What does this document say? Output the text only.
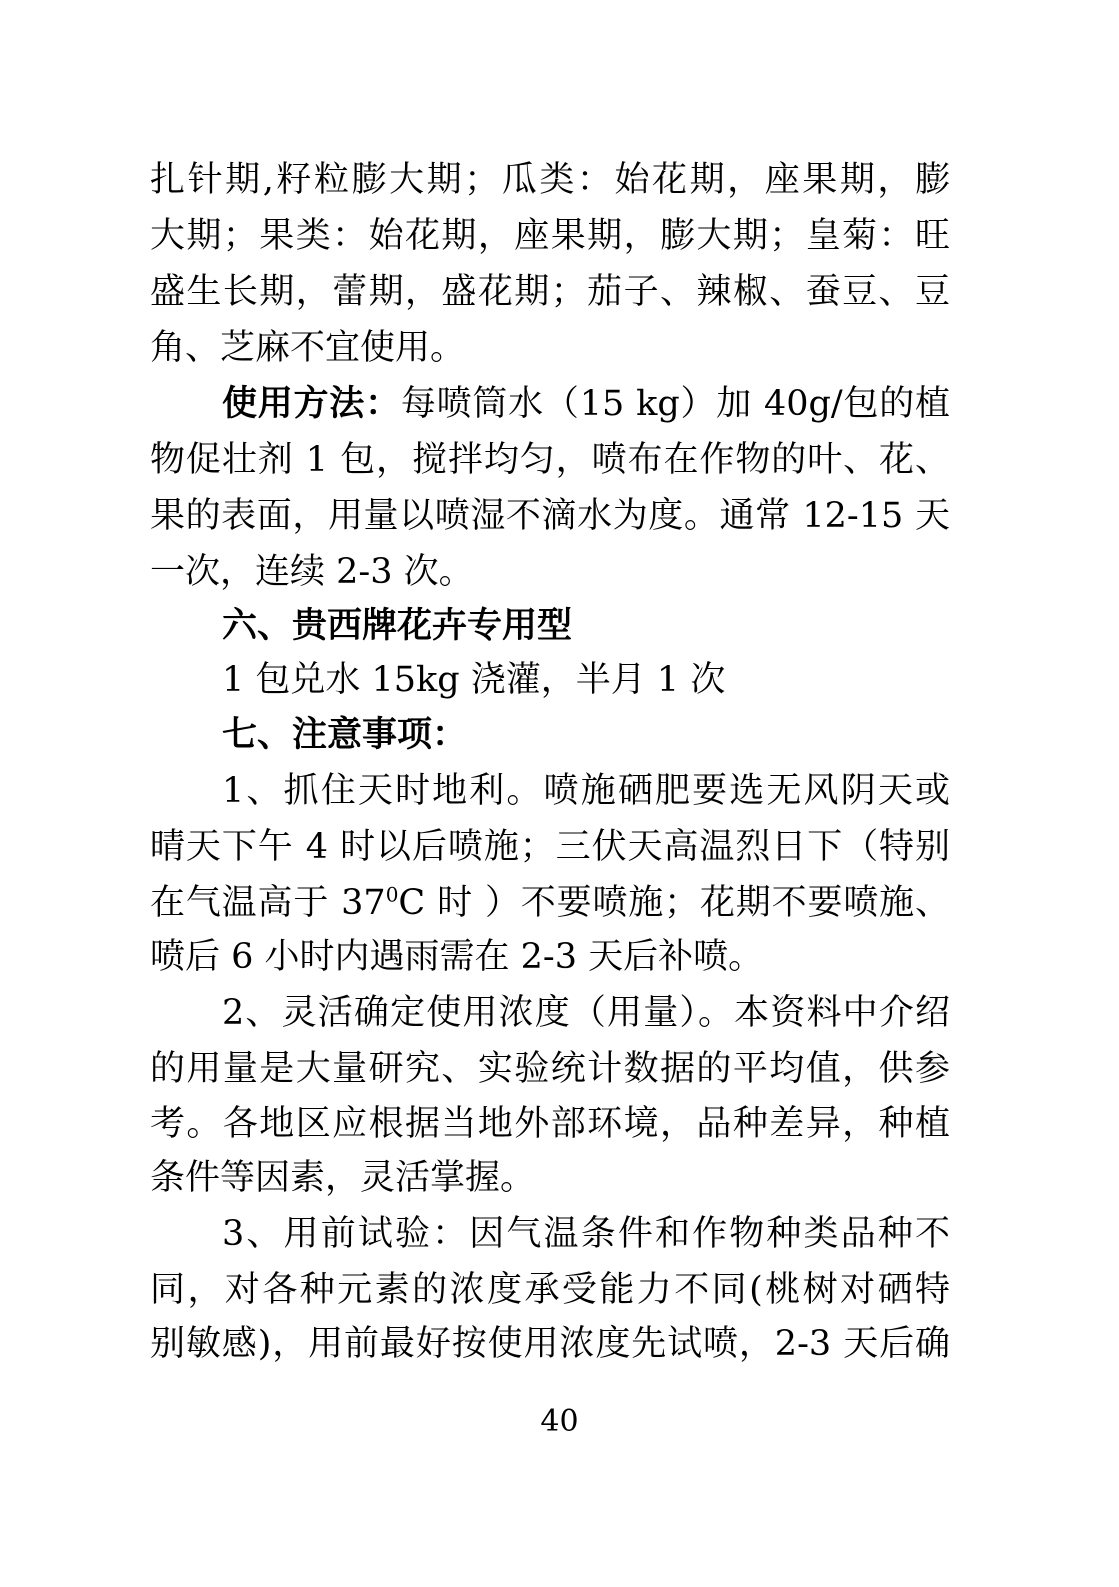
扎针期,籽粒膨大期；瓜类：始花期，座果期，膨
大期；果类：始花期，座果期，膨大期；皇菊：旺
盛生长期，蕾期，盛花期；茄子、辣椒、蚕豆、豆
角、芝麻不宜使用。
使用方法：每喷筒水（15 kg）加 40g/包的植
物促壮剂 1 包，搅拌均匀，喷布在作物的叶、花、
果的表面，用量以喷湿不滴水为度。通常 12-15 天
一次，连续 2-3 次。
六、贵西牌花卉专用型
1 包兑水 15kg 浇灌，半月 1 次
七、注意事项：
1、抓住天时地利。喷施硒肥要选无风阴天或
晴天下午 4 时以后喷施；三伏天高温烈日下（特别
在气温高于 $37^0C$ 时 ）不要喷施；花期不要喷施、
喷后 6 小时内遇雨需在 2-3 天后补喷。
2、灵活确定使用浓度（用量）。本资料中介绍
的用量是大量研究、实验统计数据的平均值，供参
考。各地区应根据当地外部环境，品种差异，种植
条件等因素，灵活掌握。
3、用前试验：因气温条件和作物种类品种不
同，对各种元素的浓度承受能力不同(桃树对硒特
别敏感)，用前最好按使用浓度先试喷，2-3 天后确
40
